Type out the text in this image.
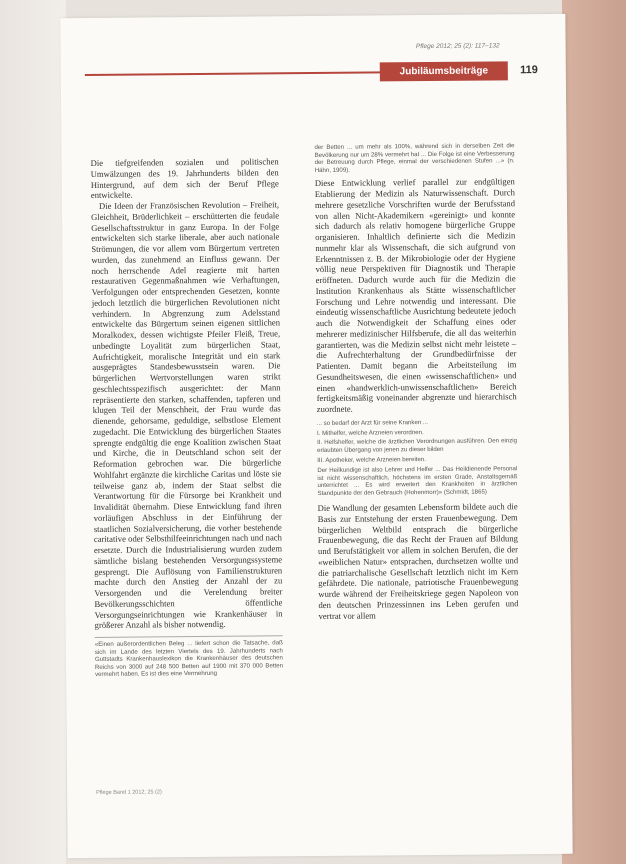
Pflege 2012; 25 (2): 117–132
Jubiläumsbeiträge	119

Die tiefgreifenden sozialen und politischen Umwälzungen des 19. Jahrhunderts bilden den Hintergrund, auf dem sich der Beruf Pflege entwickelte.

Die Ideen der Französischen Revolution – Freiheit, Gleichheit, Brüderlichkeit – erschütterten die feudale Gesellschaftsstruktur in ganz Europa. In der Folge entwickelten sich starke liberale, aber auch nationale Strömungen, die vor allem vom Bürgertum vertreten wurden, das zunehmend an Einfluss gewann. Der noch herrschende Adel reagierte mit harten restaurativen Gegenmaßnahmen wie Verhaftungen, Verfolgungen oder entsprechenden Gesetzen, konnte jedoch letztlich die bürgerlichen Revolutionen nicht verhindern. In Abgrenzung zum Adelsstand entwickelte das Bürgertum seinen eigenen sittlichen Moralkodex, dessen wichtigste Pfeiler Fleiß, Treue, unbedingte Loyalität zum bürgerlichen Staat, Aufrichtigkeit, moralische Integrität und ein stark ausgeprägtes Standesbewusstsein waren. Die bürgerlichen Wertvorstellungen waren strikt geschlechtsspezifisch ausgerichtet: der Mann repräsentierte den starken, schaffenden, tapferen und klugen Teil der Menschheit, der Frau wurde das dienende, gehorsame, geduldige, selbstlose Element zugedacht. Die Entwicklung des bürgerlichen Staates sprengte endgültig die enge Koalition zwischen Staat und Kirche, die in Deutschland schon seit der Reformation gebrochen war. Die bürgerliche Wohlfahrt ergänzte die kirchliche Caritas und löste sie teilweise ganz ab, indem der Staat selbst die Verantwortung für die Fürsorge bei Krankheit und Invalidität übernahm. Diese Entwicklung fand ihren vorläufigen Abschluss in der Einführung der staatlichen Sozialversicherung, die vorher bestehende caritative oder Selbsthilfeeinrichtungen nach und nach ersetzte. Durch die Industrialisierung wurden zudem sämtliche bislang bestehenden Versorgungssysteme gesprengt. Die Auflösung von Familienstrukturen machte durch den Anstieg der Anzahl der zu Versorgenden und die Verelendung breiter Bevölkerungsschichten öffentliche Versorgungseinrichtungen wie Krankenhäuser in größerer Anzahl als bisher notwendig.

«Einen außerordentlichen Beleg ... liefert schon die Tatsache, daß sich im Lande des letzten Viertels des 19. Jahrhunderts nach Guttstadts Krankenhauslexikon die Krankenhäuser des deutschen Reichs von 3000 auf 248 500 Betten auf 1900 mit 370 000 Betten vermehrt haben. Es ist dies eine Vermehrung

der Betten ... um mehr als 100%, während sich in derselben Zeit die Bevölkerung nur um 28% vermehrt hat ... Die Folge ist eine Verbesserung der Betreuung durch Pflege, einmal der verschiedenen Stufen ...» (n. Hähn, 1909).

Diese Entwicklung verlief parallel zur endgültigen Etablierung der Medizin als Naturwissenschaft. Durch mehrere gesetzliche Vorschriften wurde der Berufsstand von allen Nicht-Akademikern «gereinigt» und konnte sich dadurch als relativ homogene bürgerliche Gruppe organisieren. Inhaltlich definierte sich die Medizin nunmehr klar als Wissenschaft, die sich aufgrund von Erkenntnissen z. B. der Mikrobiologie oder der Hygiene völlig neue Perspektiven für Diagnostik und Therapie eröffneten. Dadurch wurde auch für die Medizin die Institution Krankenhaus als Stätte wissenschaftlicher Forschung und Lehre notwendig und interessant. Die eindeutig wissenschaftliche Ausrichtung bedeutete jedoch auch die Notwendigkeit der Schaffung eines oder mehrerer medizinischer Hilfsberufe, die all das weiterhin garantierten, was die Medizin selbst nicht mehr leistete – die Aufrechterhaltung der Grundbedürfnisse der Patienten. Damit begann die Arbeitsteilung im Gesundheitswesen, die einen «wissenschaftlichen» und einen «handwerklich-unwissenschaftlichen» Bereich fertigkeitsmäßig voneinander abgrenzte und hierarchisch zuordnete.

... so bedarf der Arzt für seine Kranken ...

I. Mithelfer, welche Arzneien verordnen.

II. Helfshelfer, welche die ärztlichen Verordnungen ausführen. Den einzig erlaubten Übergang von jenen zu dieser bilden

III. Apotheker, welche Arzneien bereiten.

Der Heilkundige ist also Lehrer und Helfer ... Das Heildienende Personal ist nicht wissenschaftlich, höchstens im ersten Grade, Anstaltsgemäß unterrichtet ... Es wird erweitert den Krankheiten in ärztlichen Standpunkte der den Gebrauch (Hohenmorr)» (Schmidt, 1865)

Die Wandlung der gesamten Lebensform bildete auch die Basis zur Entstehung der ersten Frauenbewegung. Dem bürgerlichen Weltbild entsprach die bürgerliche Frauenbewegung, die das Recht der Frauen auf Bildung und Berufstätigkeit vor allem in solchen Berufen, die der «weiblichen Natur» entsprachen, durchsetzen wollte und die patriarchalische Gesellschaft letztlich nicht im Kern gefährdete. Die nationale, patriotische Frauenbewegung wurde während der Freiheitskriege gegen Napoleon von den deutschen Prinzessinnen ins Leben gerufen und vertrat vor allem

Pflege Band 1 2012; 25 (2)
